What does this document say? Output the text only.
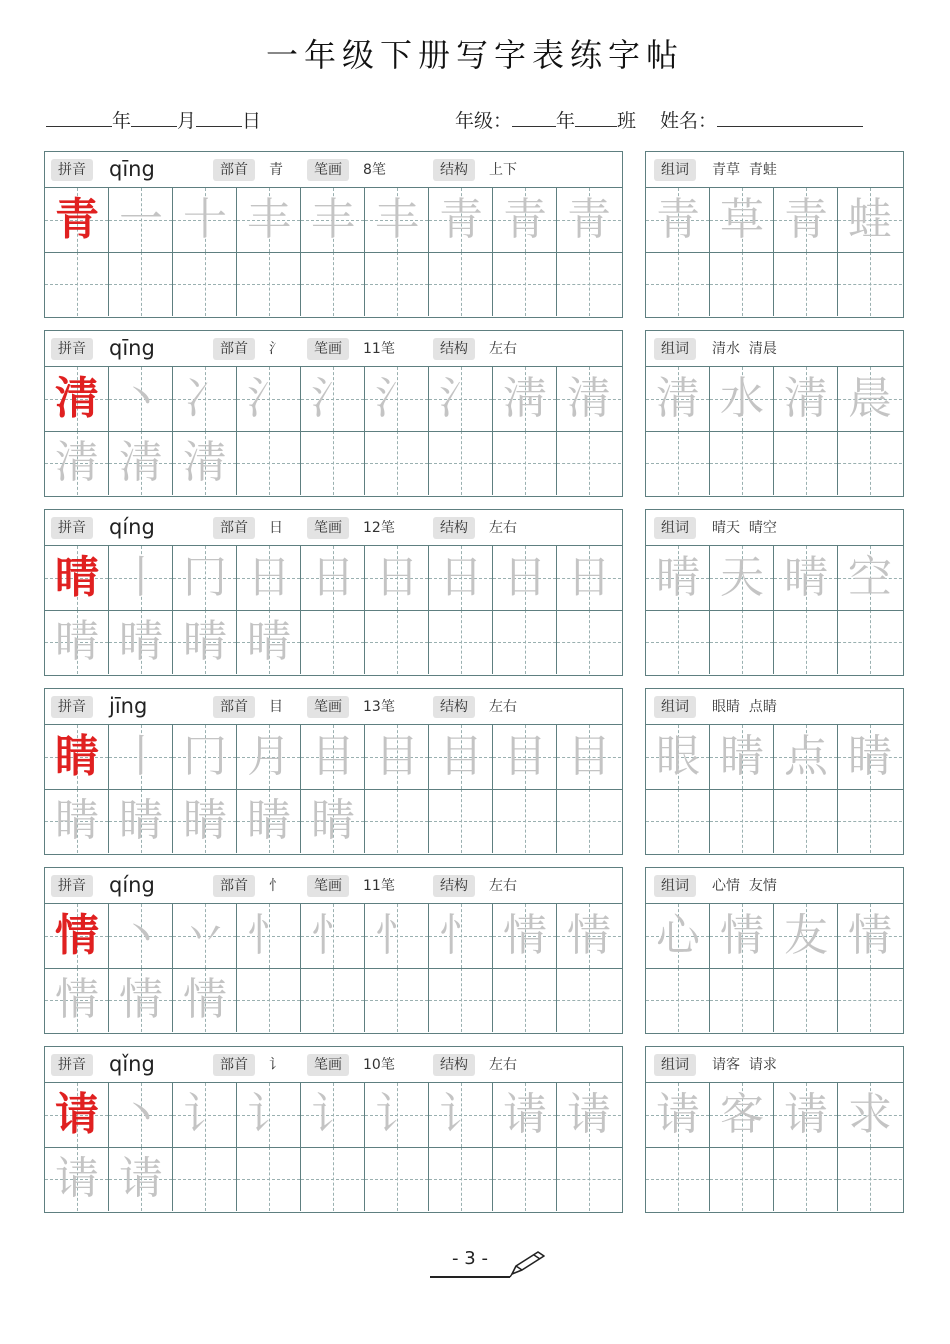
一年级下册写字表练字帖
年 月 日	年级： 年 班 姓名：
拼音	qīng	部首	青	笔画	8笔	结构	上下
青 一 十 丰 丰 丰 青 青 青
组词	青草  青蛙
青 草 青 蛙
拼音	qīng	部首	氵	笔画	11笔	结构	左右
清 丶 冫 氵 氵 氵 氵 淸 清
清 清 清
组词	清水  清晨
清 水 清 晨
拼音	qíng	部首	日	笔画	12笔	结构	左右
晴 丨 冂 日 日 日 日 日 日
晴 晴 晴 晴
组词	晴天  晴空
晴 天 晴 空
拼音	jīng	部首	目	笔画	13笔	结构	左右
睛 丨 冂 月 目 目 目 目 目
睛 睛 睛 睛 睛
组词	眼睛  点睛
眼 睛 点 睛
拼音	qíng	部首	忄	笔画	11笔	结构	左右
情 丶 丷 忄 忄 忄 忄 情 情
情 情 情
组词	心情  友情
心 情 友 情
拼音	qǐng	部首	讠	笔画	10笔	结构	左右
请 丶 讠 讠 讠 讠 讠 请 请
请 请
组词	请客  请求
请 客 请 求
- 3 -
